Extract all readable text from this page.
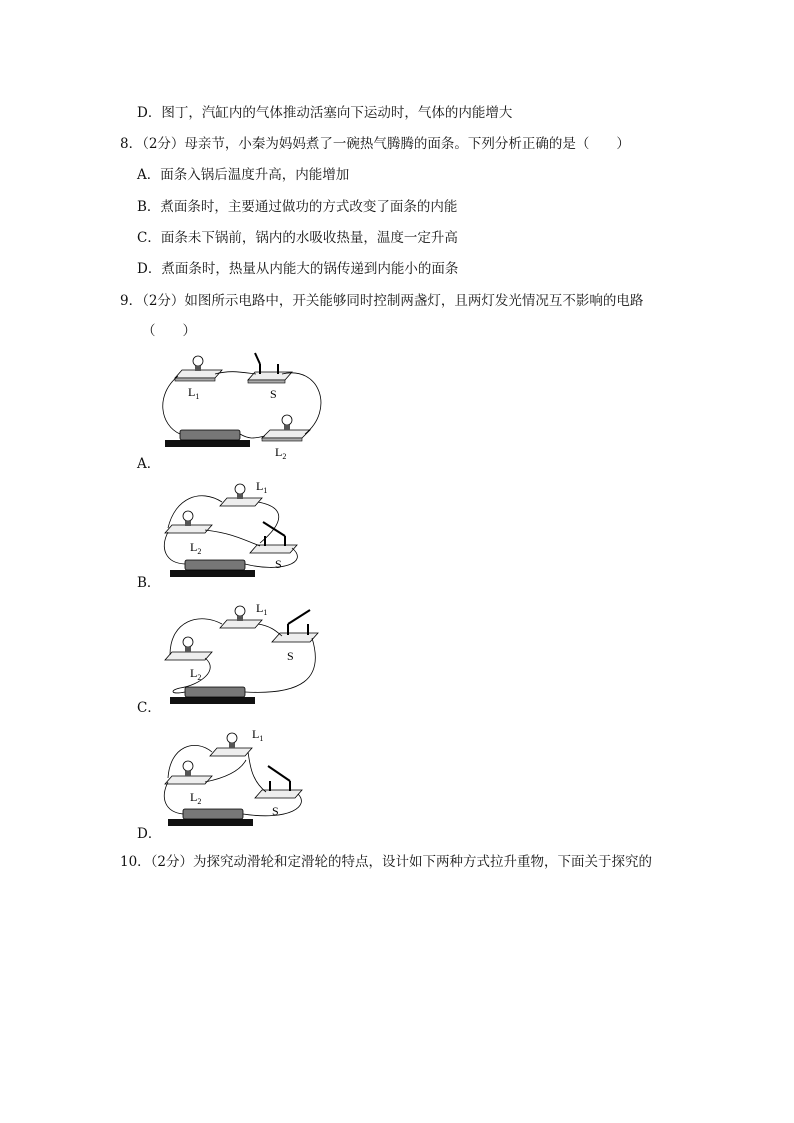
D．图丁，汽缸内的气体推动活塞向下运动时，气体的内能增大
8．（2分）母亲节，小秦为妈妈煮了一碗热气腾腾的面条。下列分析正确的是（　　）
A．面条入锅后温度升高，内能增加
B．煮面条时，主要通过做功的方式改变了面条的内能
C．面条未下锅前，锅内的水吸收热量，温度一定升高
D．煮面条时，热量从内能大的锅传递到内能小的面条
9．（2分）如图所示电路中，开关能够同时控制两盏灯，且两灯发光情况互不影响的电路
（　　）
A．
$L_1$	S
$L_2$
B．
$L_1$
$L_2$
S
C．
$L_1$
$L_2$
S
D．
$L_1$
$L_2$
S
10．（2分）为探究动滑轮和定滑轮的特点，设计如下两种方式拉升重物，下面关于探究的
